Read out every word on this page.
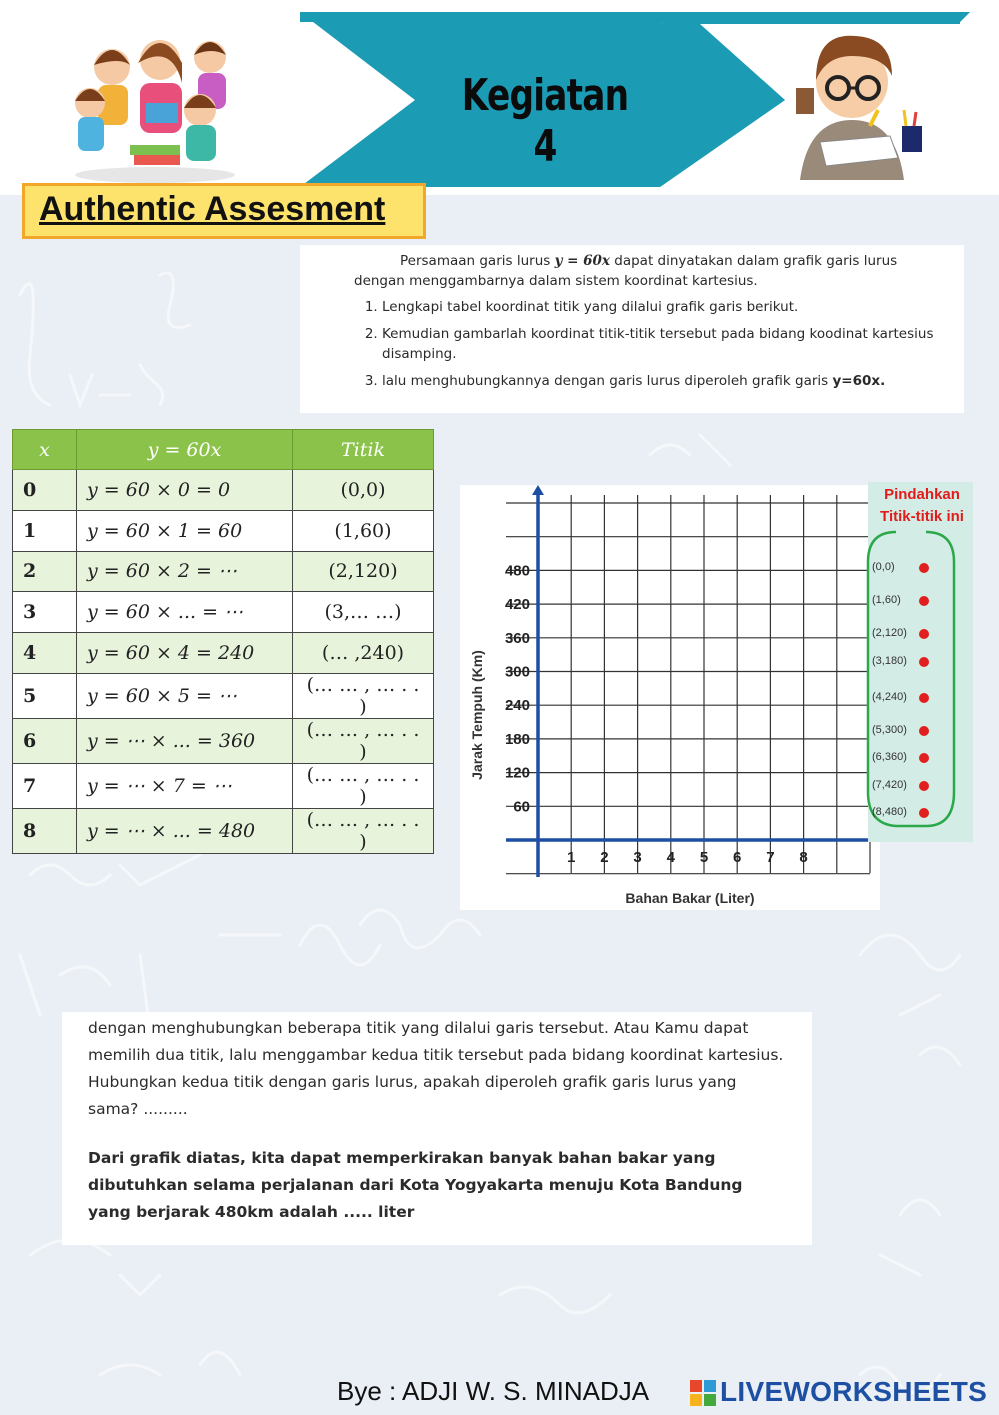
Kegiatan 4
Authentic Assesment

Persamaan garis lurus y = 60x dapat dinyatakan dalam grafik garis lurus dengan menggambarnya dalam sistem koordinat kartesius.

1. Lengkapi tabel koordinat titik yang dilalui grafik garis berikut.
2. Kemudian gambarlah koordinat titik-titik tersebut pada bidang koodinat kartesius disamping.
3. lalu menghubungkannya dengan garis lurus diperoleh grafik garis y=60x.
x	y = 60x	Titik
0	y = 60 × 0 = 0	(0,0)
1	y = 60 × 1 = 60	(1,60)
2	y = 60 × 2 = ⋯	(2,120)
3	y = 60 × ... = ⋯	(3,… …)
4	y = 60 × 4 = 240	(… ,240)
5	y = 60 × 5 = ⋯	(… … , … . . )
6	y = ⋯ × ... = 360	(… … , … . . )
7	y = ⋯ × 7 = ⋯	(… … , … . . )
8	y = ⋯ × ... = 480	(… … , … . . )
1 2 3 4 5 6 7 8
60
120
180
240
300
360
420
480
Jarak Tempuh (Km)
Bahan Bakar (Liter)
Pindahkan
Titik-titik ini
(0,0)
(1,60)
(2,120)
(3,180)
(4,240)
(5,300)
(6,360)
(7,420)
(8,480)

dengan menghubungkan beberapa titik yang dilalui garis tersebut. Atau Kamu dapat memilih dua titik, lalu menggambar kedua titik tersebut pada bidang koordinat kartesius. Hubungkan kedua titik dengan garis lurus, apakah diperoleh grafik garis lurus yang sama? .........

Dari grafik diatas, kita dapat memperkirakan banyak bahan bakar yang dibutuhkan selama perjalanan dari Kota Yogyakarta menuju Kota Bandung yang berjarak 480km adalah ..... liter

Bye : ADJI W. S. MINADJA	LIVEWORKSHEETS
